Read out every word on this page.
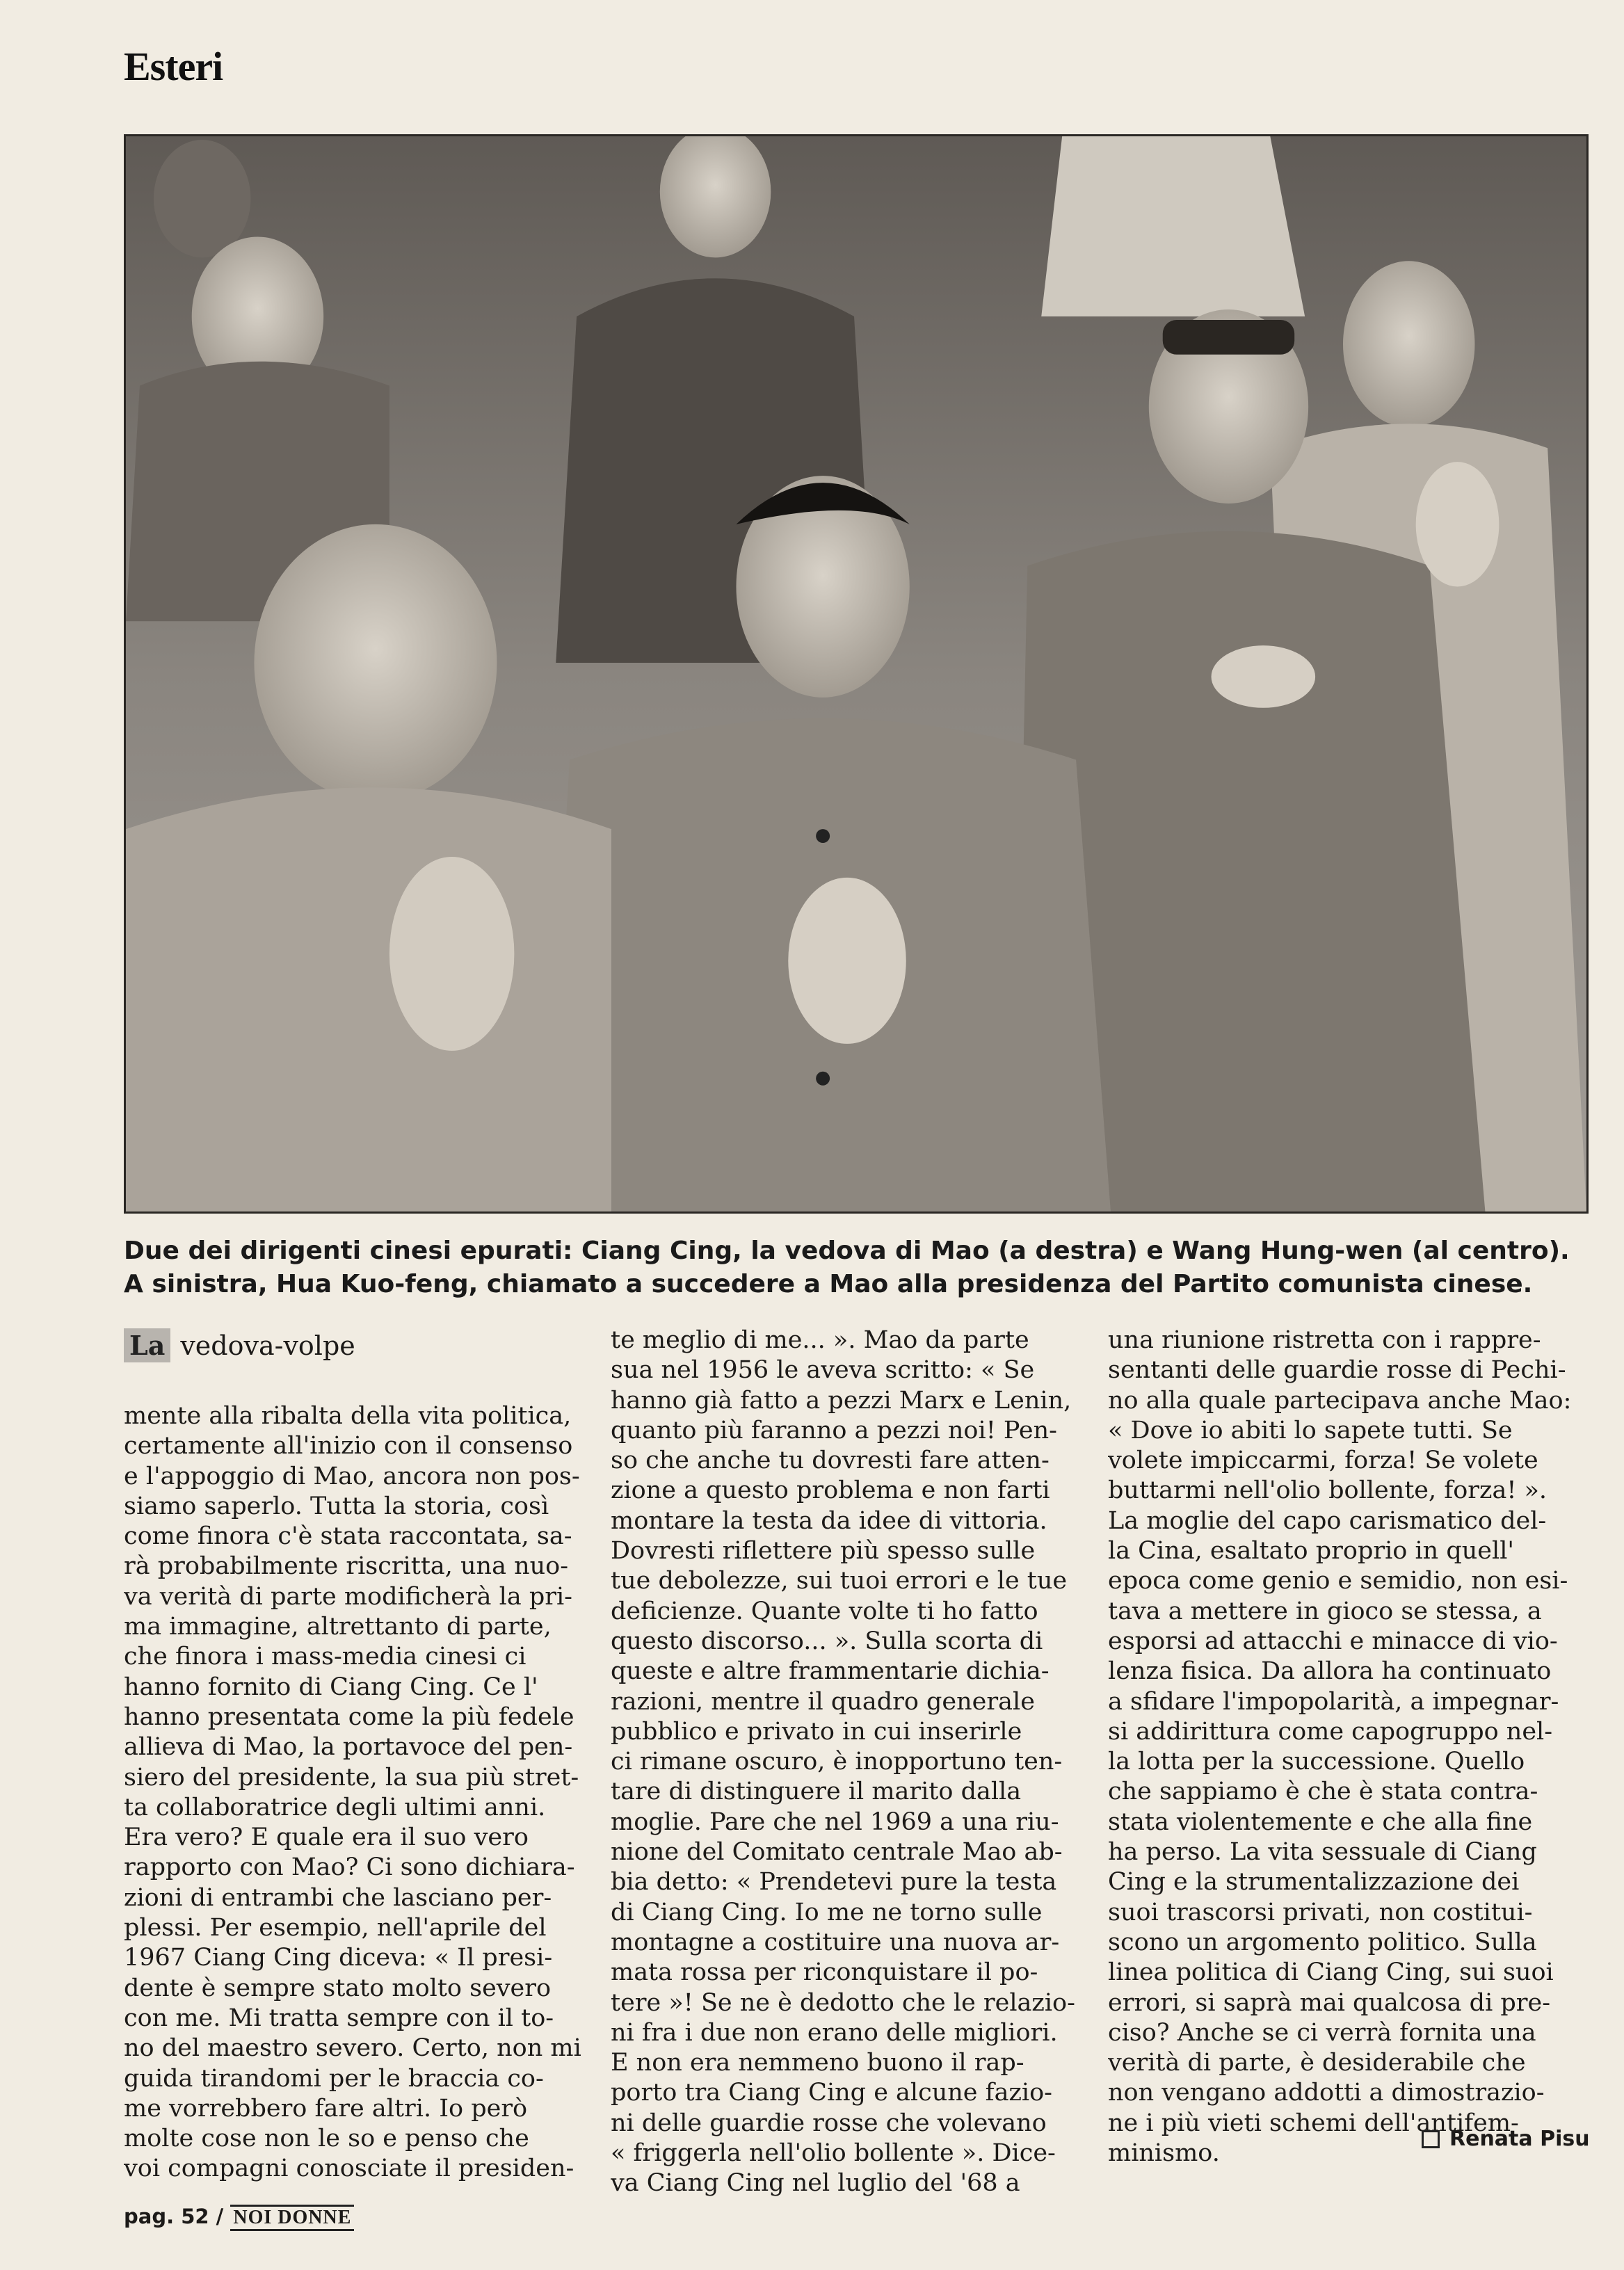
Esteri
Due dei dirigenti cinesi epurati: Ciang Cing, la vedova di Mao (a destra) e Wang Hung-wen (al centro).
A sinistra, Hua Kuo-feng, chiamato a succedere a Mao alla presidenza del Partito comunista cinese.
La vedova-volpe
mente alla ribalta della vita politica,
certamente all'inizio con il consenso
e l'appoggio di Mao, ancora non pos-
siamo saperlo. Tutta la storia, così
come finora c'è stata raccontata, sa-
rà probabilmente riscritta, una nuo-
va verità di parte modificherà la pri-
ma immagine, altrettanto di parte,
che finora i mass-media cinesi ci
hanno fornito di Ciang Cing. Ce l'
hanno presentata come la più fedele
allieva di Mao, la portavoce del pen-
siero del presidente, la sua più stret-
ta collaboratrice degli ultimi anni.
Era vero? E quale era il suo vero
rapporto con Mao? Ci sono dichiara-
zioni di entrambi che lasciano per-
plessi. Per esempio, nell'aprile del
1967 Ciang Cing diceva: « Il presi-
dente è sempre stato molto severo
con me. Mi tratta sempre con il to-
no del maestro severo. Certo, non mi
guida tirandomi per le braccia co-
me vorrebbero fare altri. Io però
molte cose non le so e penso che
voi compagni conosciate il presiden-
te meglio di me... ». Mao da parte
sua nel 1956 le aveva scritto: « Se
hanno già fatto a pezzi Marx e Lenin,
quanto più faranno a pezzi noi! Pen-
so che anche tu dovresti fare atten-
zione a questo problema e non farti
montare la testa da idee di vittoria.
Dovresti riflettere più spesso sulle
tue debolezze, sui tuoi errori e le tue
deficienze. Quante volte ti ho fatto
questo discorso... ». Sulla scorta di
queste e altre frammentarie dichia-
razioni, mentre il quadro generale
pubblico e privato in cui inserirle
ci rimane oscuro, è inopportuno ten-
tare di distinguere il marito dalla
moglie. Pare che nel 1969 a una riu-
nione del Comitato centrale Mao ab-
bia detto: « Prendetevi pure la testa
di Ciang Cing. Io me ne torno sulle
montagne a costituire una nuova ar-
mata rossa per riconquistare il po-
tere »! Se ne è dedotto che le relazio-
ni fra i due non erano delle migliori.
E non era nemmeno buono il rap-
porto tra Ciang Cing e alcune fazio-
ni delle guardie rosse che volevano
« friggerla nell'olio bollente ». Dice-
va Ciang Cing nel luglio del '68 a
una riunione ristretta con i rappre-
sentanti delle guardie rosse di Pechi-
no alla quale partecipava anche Mao:
« Dove io abiti lo sapete tutti. Se
volete impiccarmi, forza! Se volete
buttarmi nell'olio bollente, forza! ».
La moglie del capo carismatico del-
la Cina, esaltato proprio in quell'
epoca come genio e semidio, non esi-
tava a mettere in gioco se stessa, a
esporsi ad attacchi e minacce di vio-
lenza fisica. Da allora ha continuato
a sfidare l'impopolarità, a impegnar-
si addirittura come capogruppo nel-
la lotta per la successione. Quello
che sappiamo è che è stata contra-
stata violentemente e che alla fine
ha perso. La vita sessuale di Ciang
Cing e la strumentalizzazione dei
suoi trascorsi privati, non costitui-
scono un argomento politico. Sulla
linea politica di Ciang Cing, sui suoi
errori, si saprà mai qualcosa di pre-
ciso? Anche se ci verrà fornita una
verità di parte, è desiderabile che
non vengano addotti a dimostrazio-
ne i più vieti schemi dell'antifem-
minismo.
Renata Pisu
pag. 52 / NOI DONNE
